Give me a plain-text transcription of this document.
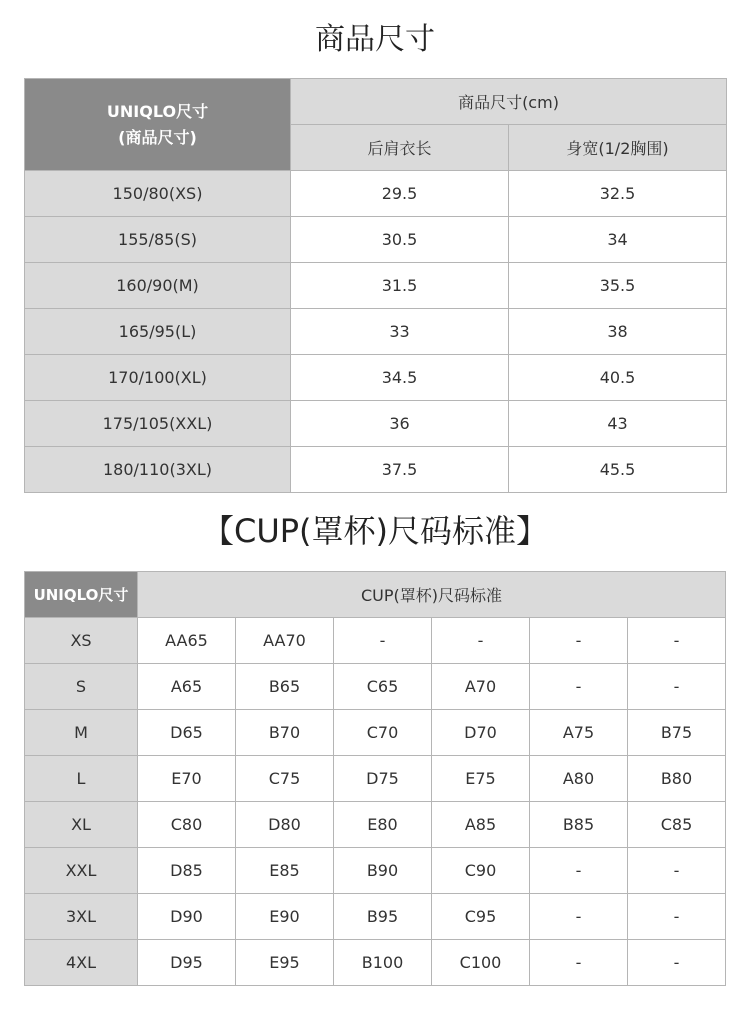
商品尺寸
UNIQLO尺寸
(商品尺寸)	商品尺寸(cm)	
	后肩衣长	身宽(1/2胸围)
150/80(XS)	29.5	32.5
155/85(S)	30.5	34
160/90(M)	31.5	35.5
165/95(L)	33	38
170/100(XL)	34.5	40.5
175/105(XXL)	36	43
180/110(3XL)	37.5	45.5
【CUP(罩杯)尺码标准】
UNIQLO尺寸	CUP(罩杯)尺码标准					
XS	AA65	AA70	-	-	-	-
S	A65	B65	C65	A70	-	-
M	D65	B70	C70	D70	A75	B75
L	E70	C75	D75	E75	A80	B80
XL	C80	D80	E80	A85	B85	C85
XXL	D85	E85	B90	C90	-	-
3XL	D90	E90	B95	C95	-	-
4XL	D95	E95	B100	C100	-	-
